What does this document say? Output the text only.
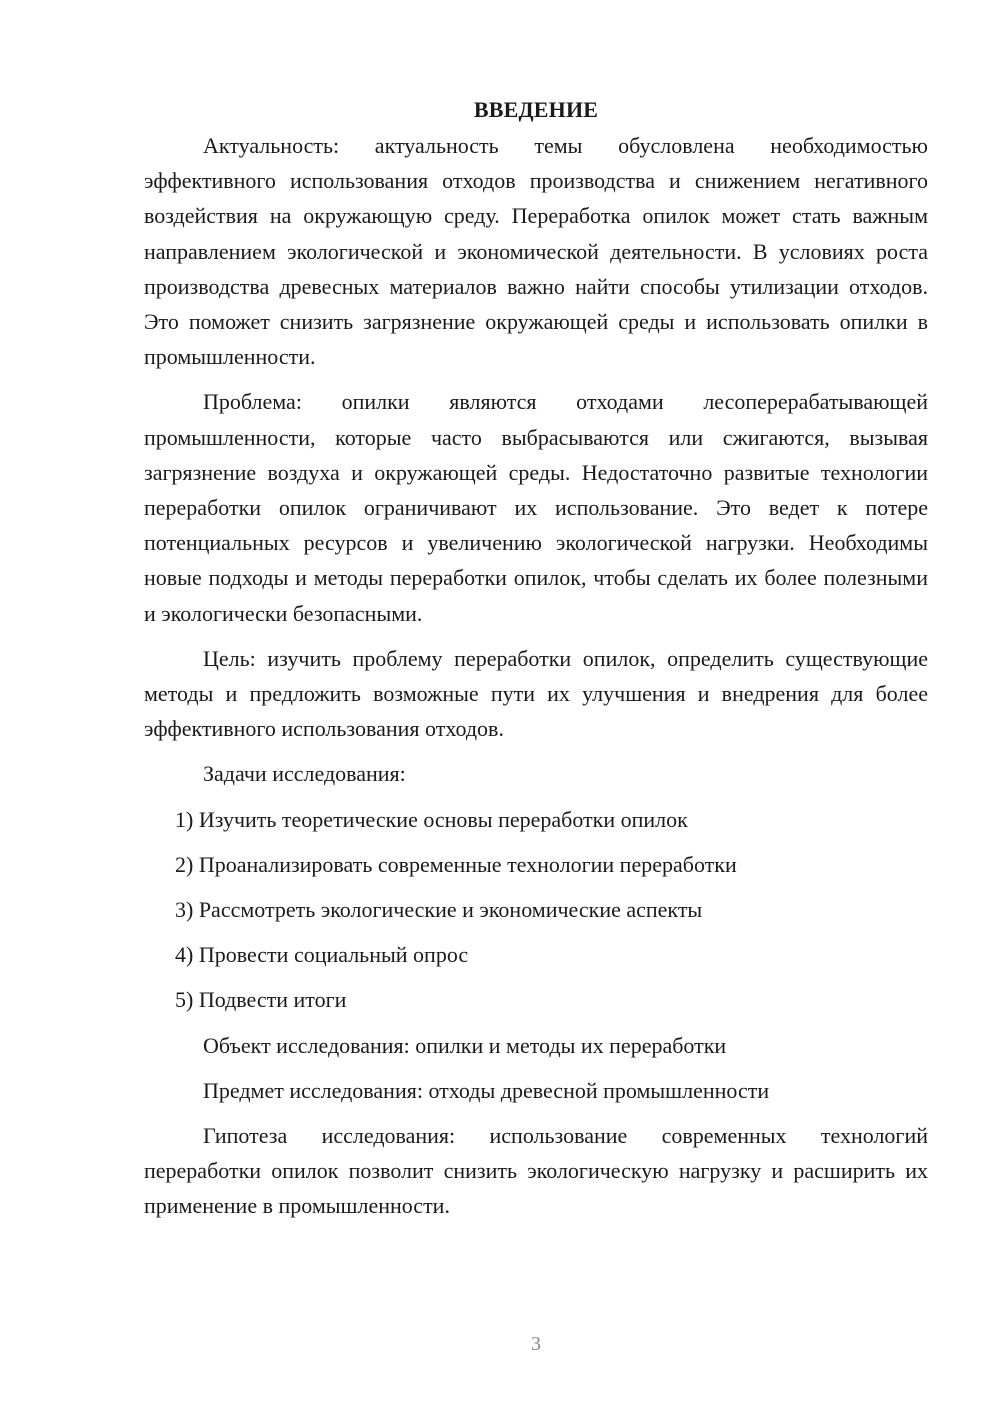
ВВЕДЕНИЕ

Актуальность: актуальность темы обусловлена необходимостью эффективного использования отходов производства и снижением негативного воздействия на окружающую среду. Переработка опилок может стать важным направлением экологической и экономической деятельности. В условиях роста производства древесных материалов важно найти способы утилизации отходов. Это поможет снизить загрязнение окружающей среды и использовать опилки в промышленности.

Проблема: опилки являются отходами лесоперерабатывающей промышленности, которые часто выбрасываются или сжигаются, вызывая загрязнение воздуха и окружающей среды. Недостаточно развитые технологии переработки опилок ограничивают их использование. Это ведет к потере потенциальных ресурсов и увеличению экологической нагрузки. Необходимы новые подходы и методы переработки опилок, чтобы сделать их более полезными и экологически безопасными.

Цель: изучить проблему переработки опилок, определить существующие методы и предложить возможные пути их улучшения и внедрения для более эффективного использования отходов.

Задачи исследования:

1) Изучить теоретические основы переработки опилок
2) Проанализировать современные технологии переработки
3) Рассмотреть экологические и экономические аспекты
4) Провести социальный опрос
5) Подвести итоги

Объект исследования: опилки и методы их переработки

Предмет исследования: отходы древесной промышленности

Гипотеза исследования: использование современных технологий переработки опилок позволит снизить экологическую нагрузку и расширить их применение в промышленности.

3
